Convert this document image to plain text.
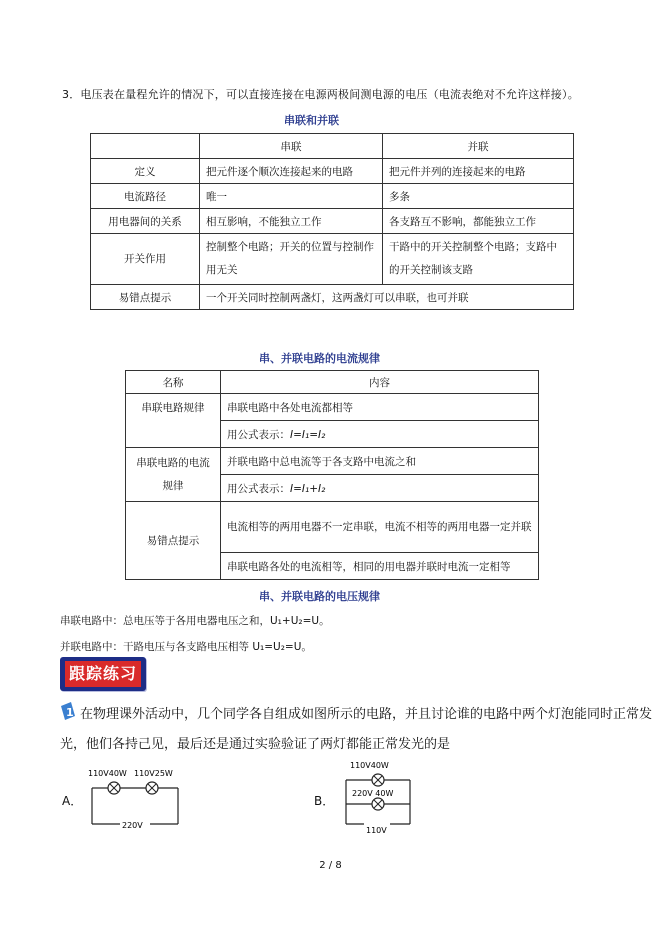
3．电压表在量程允许的情况下，可以直接连接在电源两极间测电源的电压（电流表绝对不允许这样接）。
串联和并联
	串联	并联
定义	把元件逐个顺次连接起来的电路	把元件并列的连接起来的电路
电流路径	唯一	多条
用电器间的关系	相互影响，不能独立工作	各支路互不影响，都能独立工作
开关作用	控制整个电路；开关的位置与控制作用无关	干路中的开关控制整个电路；支路中的开关控制该支路
易错点提示	一个开关同时控制两盏灯，这两盏灯可以串联，也可并联	
串、并联电路的电流规律
名称	内容
串联电路规律	串联电路中各处电流都相等
	用公式表示：I=I₁=I₂
串联电路的电流规律	并联电路中总电流等于各支路中电流之和
	用公式表示：I=I₁+I₂
易错点提示	电流相等的两用电器不一定串联，电流不相等的两用电器一定并联
	串联电路各处的电流相等，相同的用电器并联时电流一定相等
串、并联电路的电压规律
串联电路中：总电压等于各用电器电压之和，U₁+U₂=U。
并联电路中：干路电压与各支路电压相等 U₁=U₂=U。
跟踪练习
1 在物理课外活动中，几个同学各自组成如图所示的电路，并且讨论谁的电路中两个灯泡能同时正常发
光，他们各持己见，最后还是通过实验验证了两灯都能正常发光的是
A．
110V40W 110V25W
220V
B．
110V40W
220V 40W
110V
2 / 8
